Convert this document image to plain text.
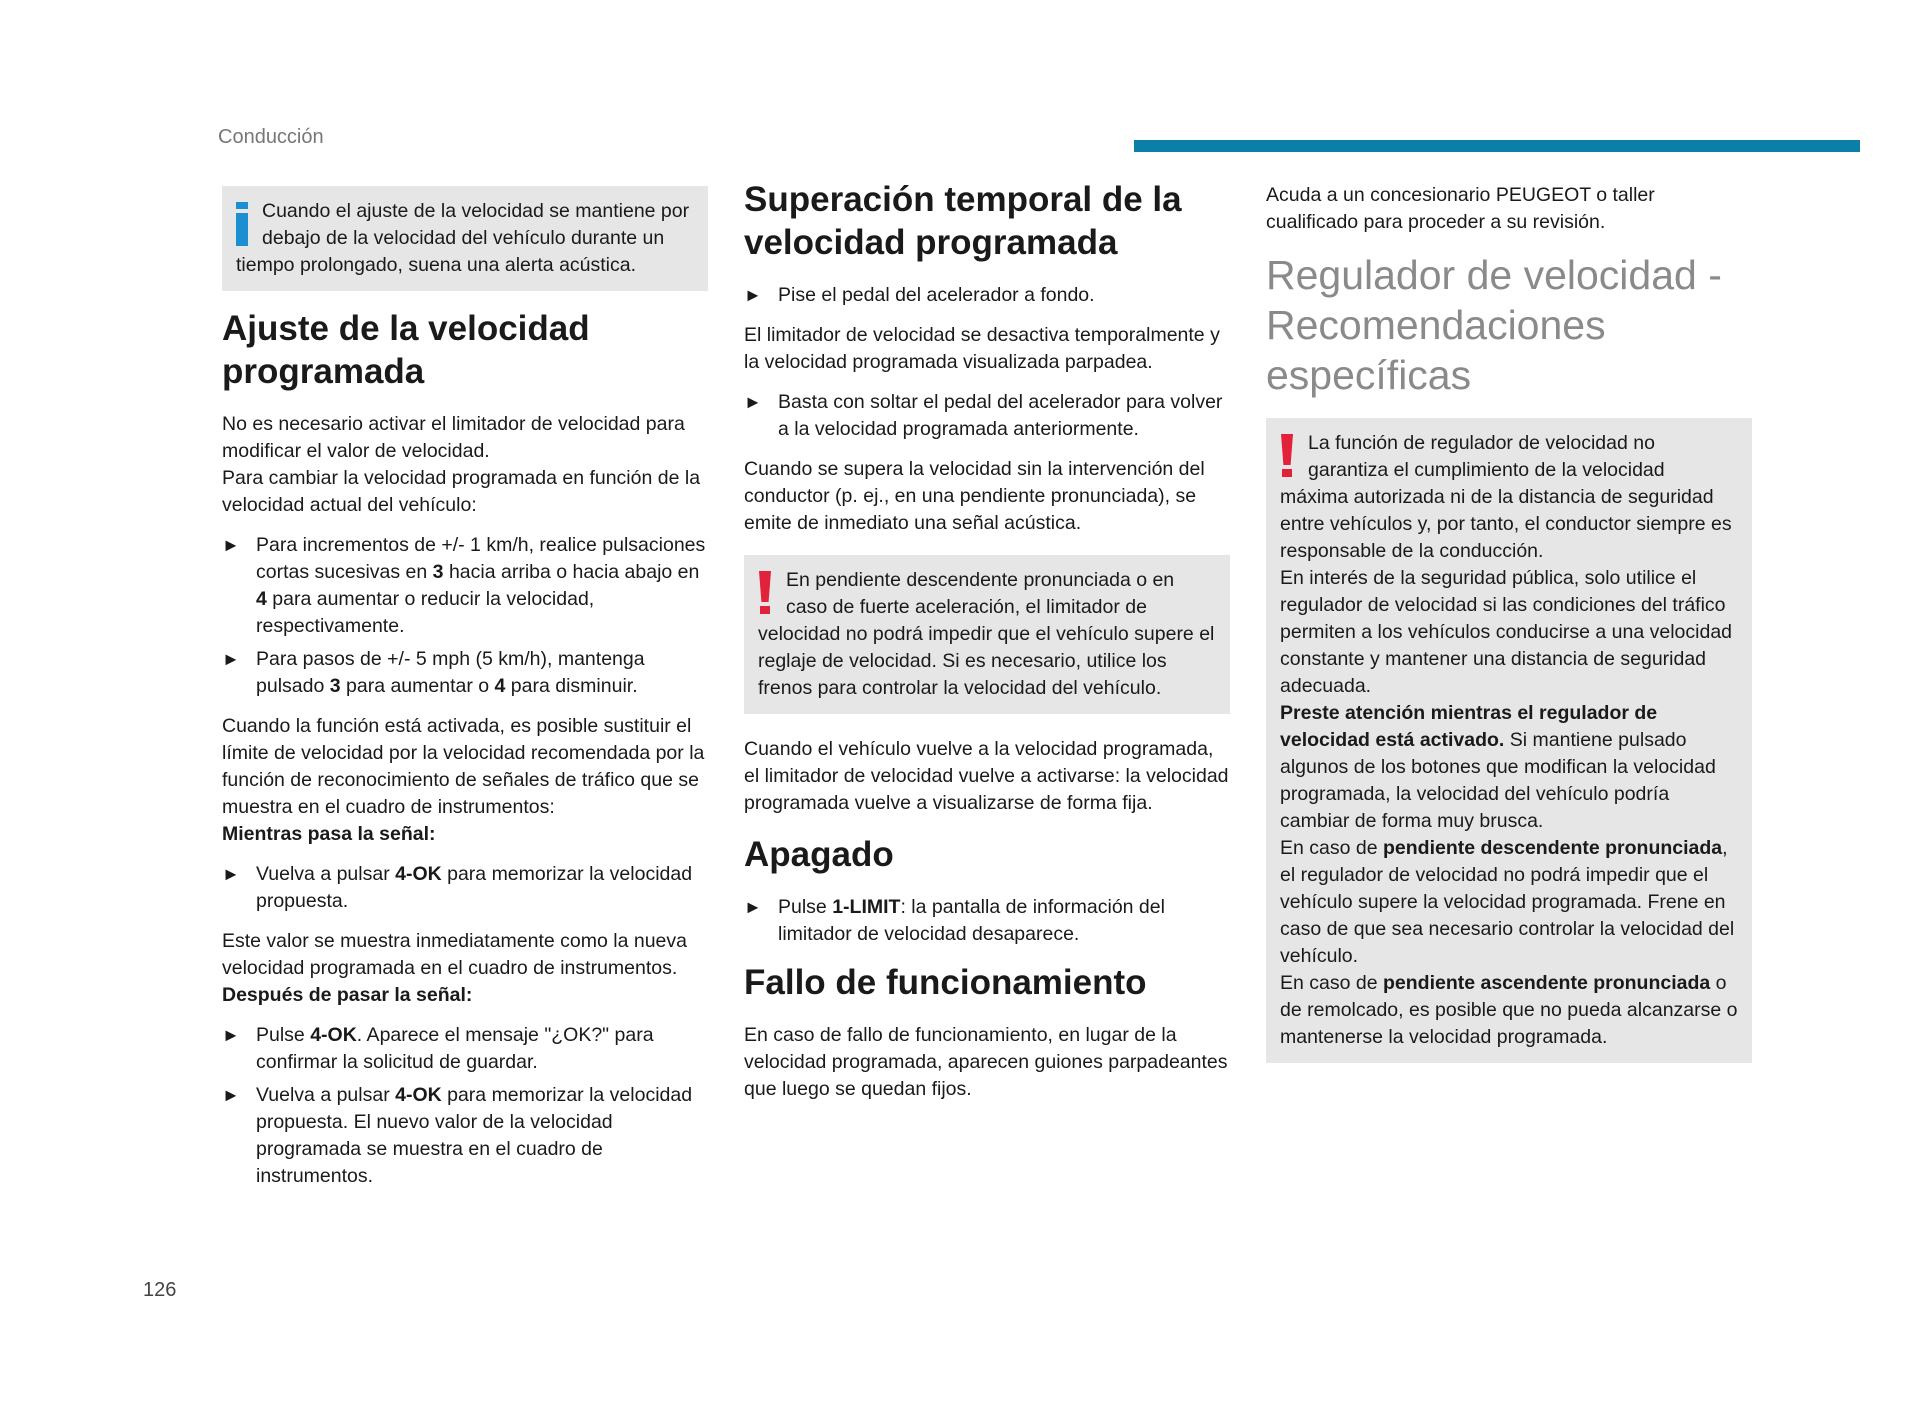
Conducción
126
Cuando el ajuste de la velocidad se mantiene por debajo de la velocidad del vehículo durante un tiempo prolongado, suena una alerta acústica.
Ajuste de la velocidad programada

No es necesario activar el limitador de velocidad para modificar el valor de velocidad.
Para cambiar la velocidad programada en función de la velocidad actual del vehículo:

► Para incrementos de +/- 1 km/h, realice pulsaciones cortas sucesivas en 3 hacia arriba o hacia abajo en 4 para aumentar o reducir la velocidad, respectivamente.
► Para pasos de +/- 5 mph (5 km/h), mantenga pulsado 3 para aumentar o 4 para disminuir.

Cuando la función está activada, es posible sustituir el límite de velocidad por la velocidad recomendada por la función de reconocimiento de señales de tráfico que se muestra en el cuadro de instrumentos:
Mientras pasa la señal:

► Vuelva a pulsar 4-OK para memorizar la velocidad propuesta.

Este valor se muestra inmediatamente como la nueva velocidad programada en el cuadro de instrumentos.
Después de pasar la señal:

► Pulse 4-OK. Aparece el mensaje "¿OK?" para confirmar la solicitud de guardar.
► Vuelva a pulsar 4-OK para memorizar la velocidad propuesta. El nuevo valor de la velocidad programada se muestra en el cuadro de instrumentos.
Superación temporal de la velocidad programada
► Pise el pedal del acelerador a fondo.

El limitador de velocidad se desactiva temporalmente y la velocidad programada visualizada parpadea.

► Basta con soltar el pedal del acelerador para volver a la velocidad programada anteriormente.

Cuando se supera la velocidad sin la intervención del conductor (p. ej., en una pendiente pronunciada), se emite de inmediato una señal acústica.

En pendiente descendente pronunciada o en caso de fuerte aceleración, el limitador de velocidad no podrá impedir que el vehículo supere el reglaje de velocidad. Si es necesario, utilice los frenos para controlar la velocidad del vehículo.

Cuando el vehículo vuelve a la velocidad programada, el limitador de velocidad vuelve a activarse: la velocidad programada vuelve a visualizarse de forma fija.

Apagado
► Pulse 1-LIMIT: la pantalla de información del limitador de velocidad desaparece.
Fallo de funcionamiento

En caso de fallo de funcionamiento, en lugar de la velocidad programada, aparecen guiones parpadeantes que luego se quedan fijos.

Acuda a un concesionario PEUGEOT o taller cualificado para proceder a su revisión.

Regulador de velocidad - Recomendaciones específicas
La función de regulador de velocidad no garantiza el cumplimiento de la velocidad máxima autorizada ni de la distancia de seguridad entre vehículos y, por tanto, el conductor siempre es responsable de la conducción.
En interés de la seguridad pública, solo utilice el regulador de velocidad si las condiciones del tráfico permiten a los vehículos conducirse a una velocidad constante y mantener una distancia de seguridad adecuada.
Preste atención mientras el regulador de velocidad está activado. Si mantiene pulsado algunos de los botones que modifican la velocidad programada, la velocidad del vehículo podría cambiar de forma muy brusca.
En caso de pendiente descendente pronunciada, el regulador de velocidad no podrá impedir que el vehículo supere la velocidad programada. Frene en caso de que sea necesario controlar la velocidad del vehículo.
En caso de pendiente ascendente pronunciada o de remolcado, es posible que no pueda alcanzarse o mantenerse la velocidad programada.
